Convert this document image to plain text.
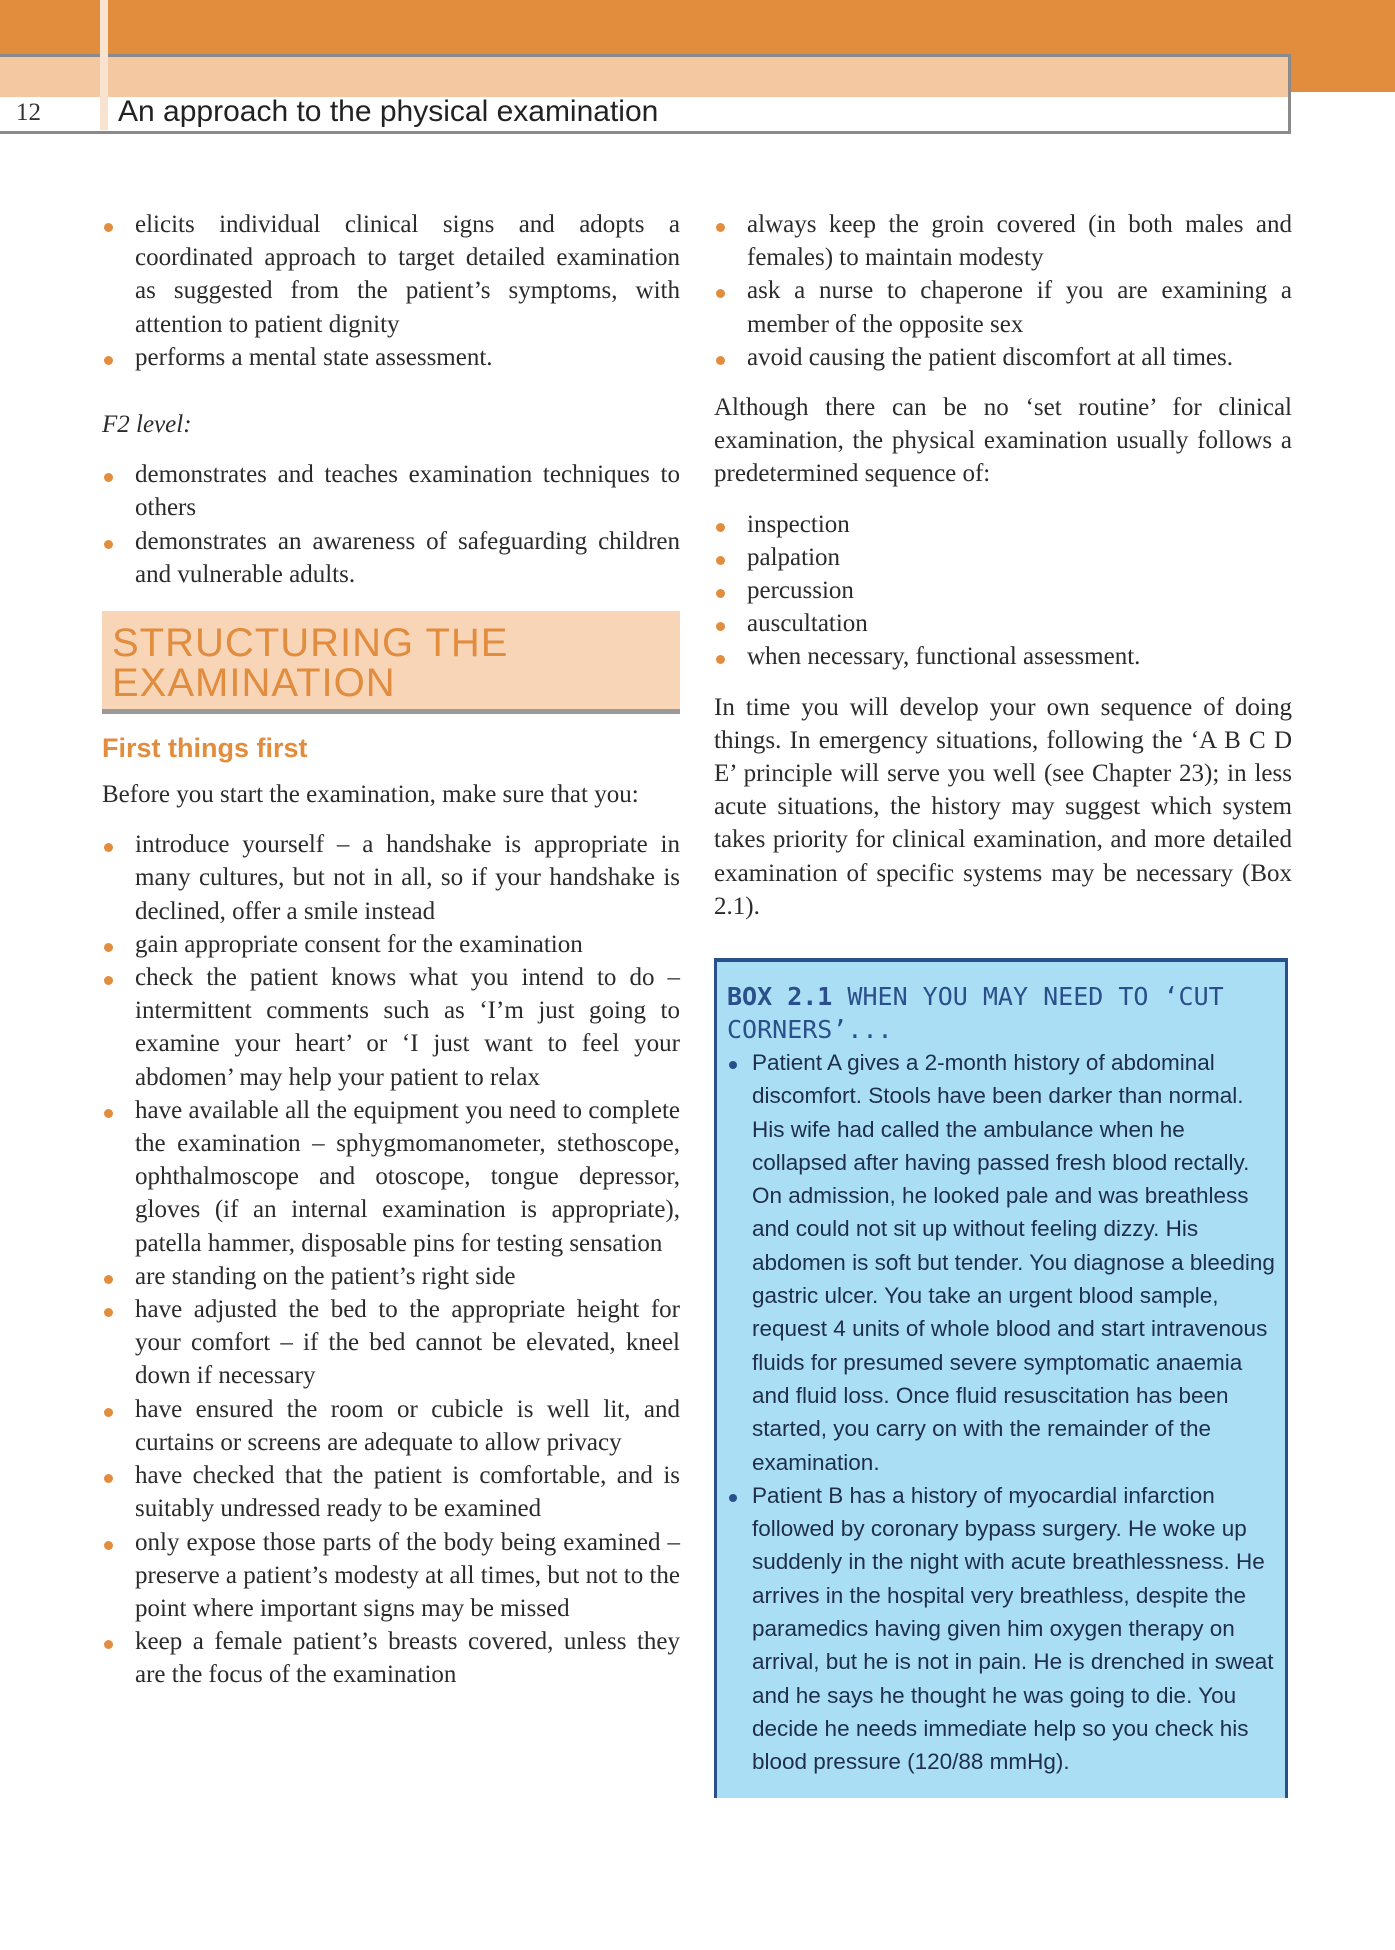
12	An approach to the physical examination
elicits individual clinical signs and adopts a coordinated approach to target detailed examination as suggested from the patient’s symptoms, with attention to patient dignity
performs a mental state assessment.

F2 level:

demonstrates and teaches examination techniques to others
demonstrates an awareness of safeguarding children and vulnerable adults.
STRUCTURING THE
EXAMINATION
First things first

Before you start the examination, make sure that you:

introduce yourself – a handshake is appropriate in many cultures, but not in all, so if your handshake is declined, offer a smile instead
gain appropriate consent for the examination
check the patient knows what you intend to do – intermittent comments such as ‘I’m just going to examine your heart’ or ‘I just want to feel your abdomen’ may help your patient to relax
have available all the equipment you need to complete the examination – sphygmomanometer, stethoscope, ophthalmoscope and otoscope, tongue depressor, gloves (if an internal examination is appropriate), patella hammer, disposable pins for testing sensation
are standing on the patient’s right side
have adjusted the bed to the appropriate height for your comfort – if the bed cannot be elevated, kneel down if necessary
have ensured the room or cubicle is well lit, and curtains or screens are adequate to allow privacy
have checked that the patient is comfortable, and is suitably undressed ready to be examined
only expose those parts of the body being examined – preserve a patient’s modesty at all times, but not to the point where important signs may be missed
keep a female patient’s breasts covered, unless they are the focus of the examination
always keep the groin covered (in both males and females) to maintain modesty
ask a nurse to chaperone if you are examining a member of the opposite sex
avoid causing the patient discomfort at all times.

Although there can be no ‘set routine’ for clinical examination, the physical examination usually follows a predetermined sequence of:

inspection
palpation
percussion
auscultation
when necessary, functional assessment.

In time you will develop your own sequence of doing things. In emergency situations, following the ‘A B C D E’ principle will serve you well (see Chapter 23); in less acute situations, the history may suggest which system takes priority for clinical examination, and more detailed examination of specific systems may be necessary (Box 2.1).

BOX 2.1 WHEN YOU MAY NEED TO ‘CUT CORNERS’...
Patient A gives a 2-month history of abdominal discomfort. Stools have been darker than normal. His wife had called the ambulance when he collapsed after having passed fresh blood rectally. On admission, he looked pale and was breathless and could not sit up without feeling dizzy. His abdomen is soft but tender. You diagnose a bleeding gastric ulcer. You take an urgent blood sample, request 4 units of whole blood and start intravenous fluids for presumed severe symptomatic anaemia and fluid loss. Once fluid resuscitation has been started, you carry on with the remainder of the examination.
Patient B has a history of myocardial infarction followed by coronary bypass surgery. He woke up suddenly in the night with acute breathlessness. He arrives in the hospital very breathless, despite the paramedics having given him oxygen therapy on arrival, but he is not in pain. He is drenched in sweat and he says he thought he was going to die. You decide he needs immediate help so you check his blood pressure (120/88 mmHg).
